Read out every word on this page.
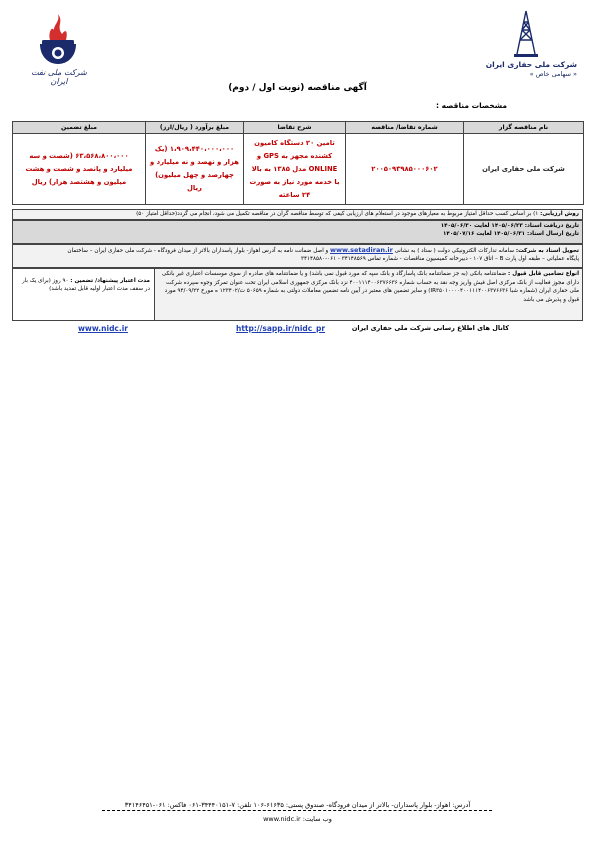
شرکت ملی حفاری ایران
« سهامی خاص »
شرکت ملی نفت ایران
آگهی مناقصه (نوبت اول / دوم)
مشخصات مناقصه :
نام مناقصه گزار	شماره تقاضا/ مناقصه	شرح تقاضا	مبلغ برآورد ( ریال/ارز)	مبلغ تضمین
شرکت ملی حفاری ایران	۲۰۰۵۰۹۳۹۸۵۰۰۰۶۰۲	تامین ۲۰ دستگاه کامیون کشنده مجهز به GPS و ONLINE مدل ۱۳۸۵ به بالا با خدمه مورد نیاز به صورت ۲۴ ساعته	۱،۹۰۹،۴۴۰،۰۰۰،۰۰۰ (یک هزار و نهصد و نه میلیارد و چهارصد و چهل میلیون) ریال	۶۳،۵۶۸،۸۰۰،۰۰۰ (شصت و سه میلیارد و پانصد و شصت و هشت میلیون و هشتصد هزار) ریال
روش ارزیابی: ۱) بر اساس کسب حداقل امتیاز مربوط به معیارهای موجود در استعلام های ارزیابی کیفی که توسط مناقصه گران در مناقصه تکمیل می شود، انجام می گردد(حداقل امتیاز ۵۰)
تاریخ دریافت اسناد: ۱۴۰۵/۰۶/۲۳ لغایت ۱۴۰۵/۰۶/۳۰
تاریخ ارسال اسناد: ۱۴۰۵/۰۶/۳۱ لغایت ۱۴۰۵/۰۷/۱۶
تحویل اسناد به شرکت: سامانه تدارکات الکترونیکی دولت ( ستاد ) به نشانی www.setadiran.ir و اصل ضمانت نامه به آدرس اهواز- بلوار پاسداران بالاتر از میدان فرودگاه - شرکت ملی حفاری ایران – ساختمان
پایگاه عملیاتی – طبقه اول پارت B – اتاق ۱۰۷ - دبیرخانه کمیسیون مناقصات - شماره تماس ۳۴۱۴۸۵۶۹ - ۰۶۱-۳۴۱۴۸۵۸۰
انواع تضامین قابل قبول : ضمانتنامه بانکی (به جز ضمانتنامه بانک پاسارگاد و بانک سپه که مورد قبول نمی باشد) و یا ضمانتنامه های صادره از سوی موسسات اعتباری غیر بانکی دارای مجوز فعالیت از بانک مرکزی اصل فیش واریز وجه نقد به حساب شماره ۴۰۰۱۱۱۴۰۰۶۳۷۶۶۳۶ نزد بانک مرکزی جمهوری اسلامی ایران تحت عنوان تمرکز وجوه سپرده شرکت ملی حفاری ایران (شماره شبا IR۳۵۰۱۰۰۰۰۴۰۰۱۱۱۴۰۰۶۳۷۶۶۳۶) و سایر تضمین های معتبر در آیین نامه تضمین معاملات دولتی به شماره ۵۰۶۵۹ ت/۱۲۳۴۰۲ ه مورخ ۹۴/۰۹/۲۲ مورد قبول و پذیرش می باشد
مدت اعتبار پیشنهاد/ تضمین : ۹۰ روز (برای یک بار در سقف مدت اعتبار اولیه قابل تمدید باشد)
www.nidc.ir	http://sapp.ir/nidc_pr	کانال های اطلاع رسانی شرکت ملی حفاری ایران
آدرس: اهواز- بلوار پاسداران- بالاتر از میدان فرودگاه- صندوق پستی: ۶۱۶۳۵-۱۰۶ تلفن: ۷-۳۴۴۴۰۱۵۱-۰۶۱ فاکس: ۰۶۱-۳۴۱۴۶۴۵۱
وب سایت: www.nidc.ir
